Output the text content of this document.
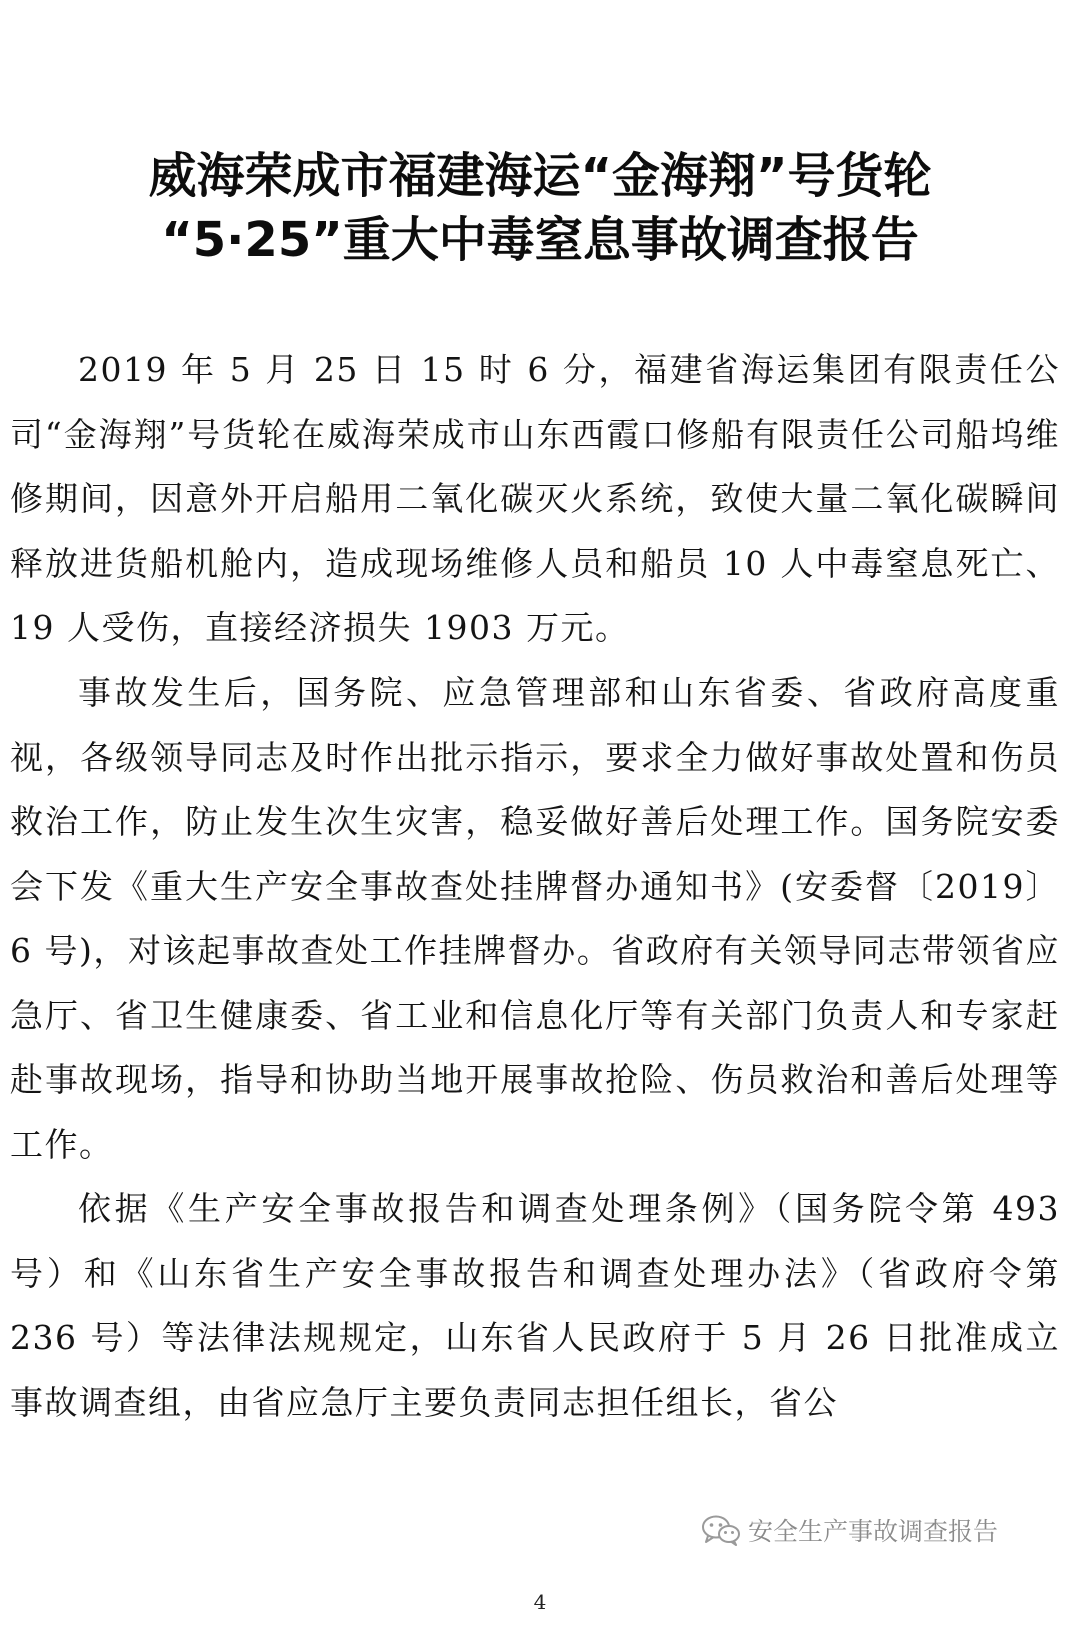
威海荣成市福建海运“金海翔”号货轮
“5·25”重大中毒窒息事故调查报告

2019 年 5 月 25 日 15 时 6 分，福建省海运集团有限责任公司“金海翔”号货轮在威海荣成市山东西霞口修船有限责任公司船坞维修期间，因意外开启船用二氧化碳灭火系统，致使大量二氧化碳瞬间释放进货船机舱内，造成现场维修人员和船员 10 人中毒窒息死亡、19 人受伤，直接经济损失 1903 万元。

事故发生后，国务院、应急管理部和山东省委、省政府高度重视，各级领导同志及时作出批示指示，要求全力做好事故处置和伤员救治工作，防止发生次生灾害，稳妥做好善后处理工作。国务院安委会下发《重大生产安全事故查处挂牌督办通知书》(安委督〔2019〕6 号)，对该起事故查处工作挂牌督办。省政府有关领导同志带领省应急厅、省卫生健康委、省工业和信息化厅等有关部门负责人和专家赶赴事故现场，指导和协助当地开展事故抢险、伤员救治和善后处理等工作。

依据《生产安全事故报告和调查处理条例》（国务院令第 493 号）和《山东省生产安全事故报告和调查处理办法》（省政府令第 236 号）等法律法规规定，山东省人民政府于 5 月 26 日批准成立事故调查组，由省应急厅主要负责同志担任组长，省公

安全生产事故调查报告
4
